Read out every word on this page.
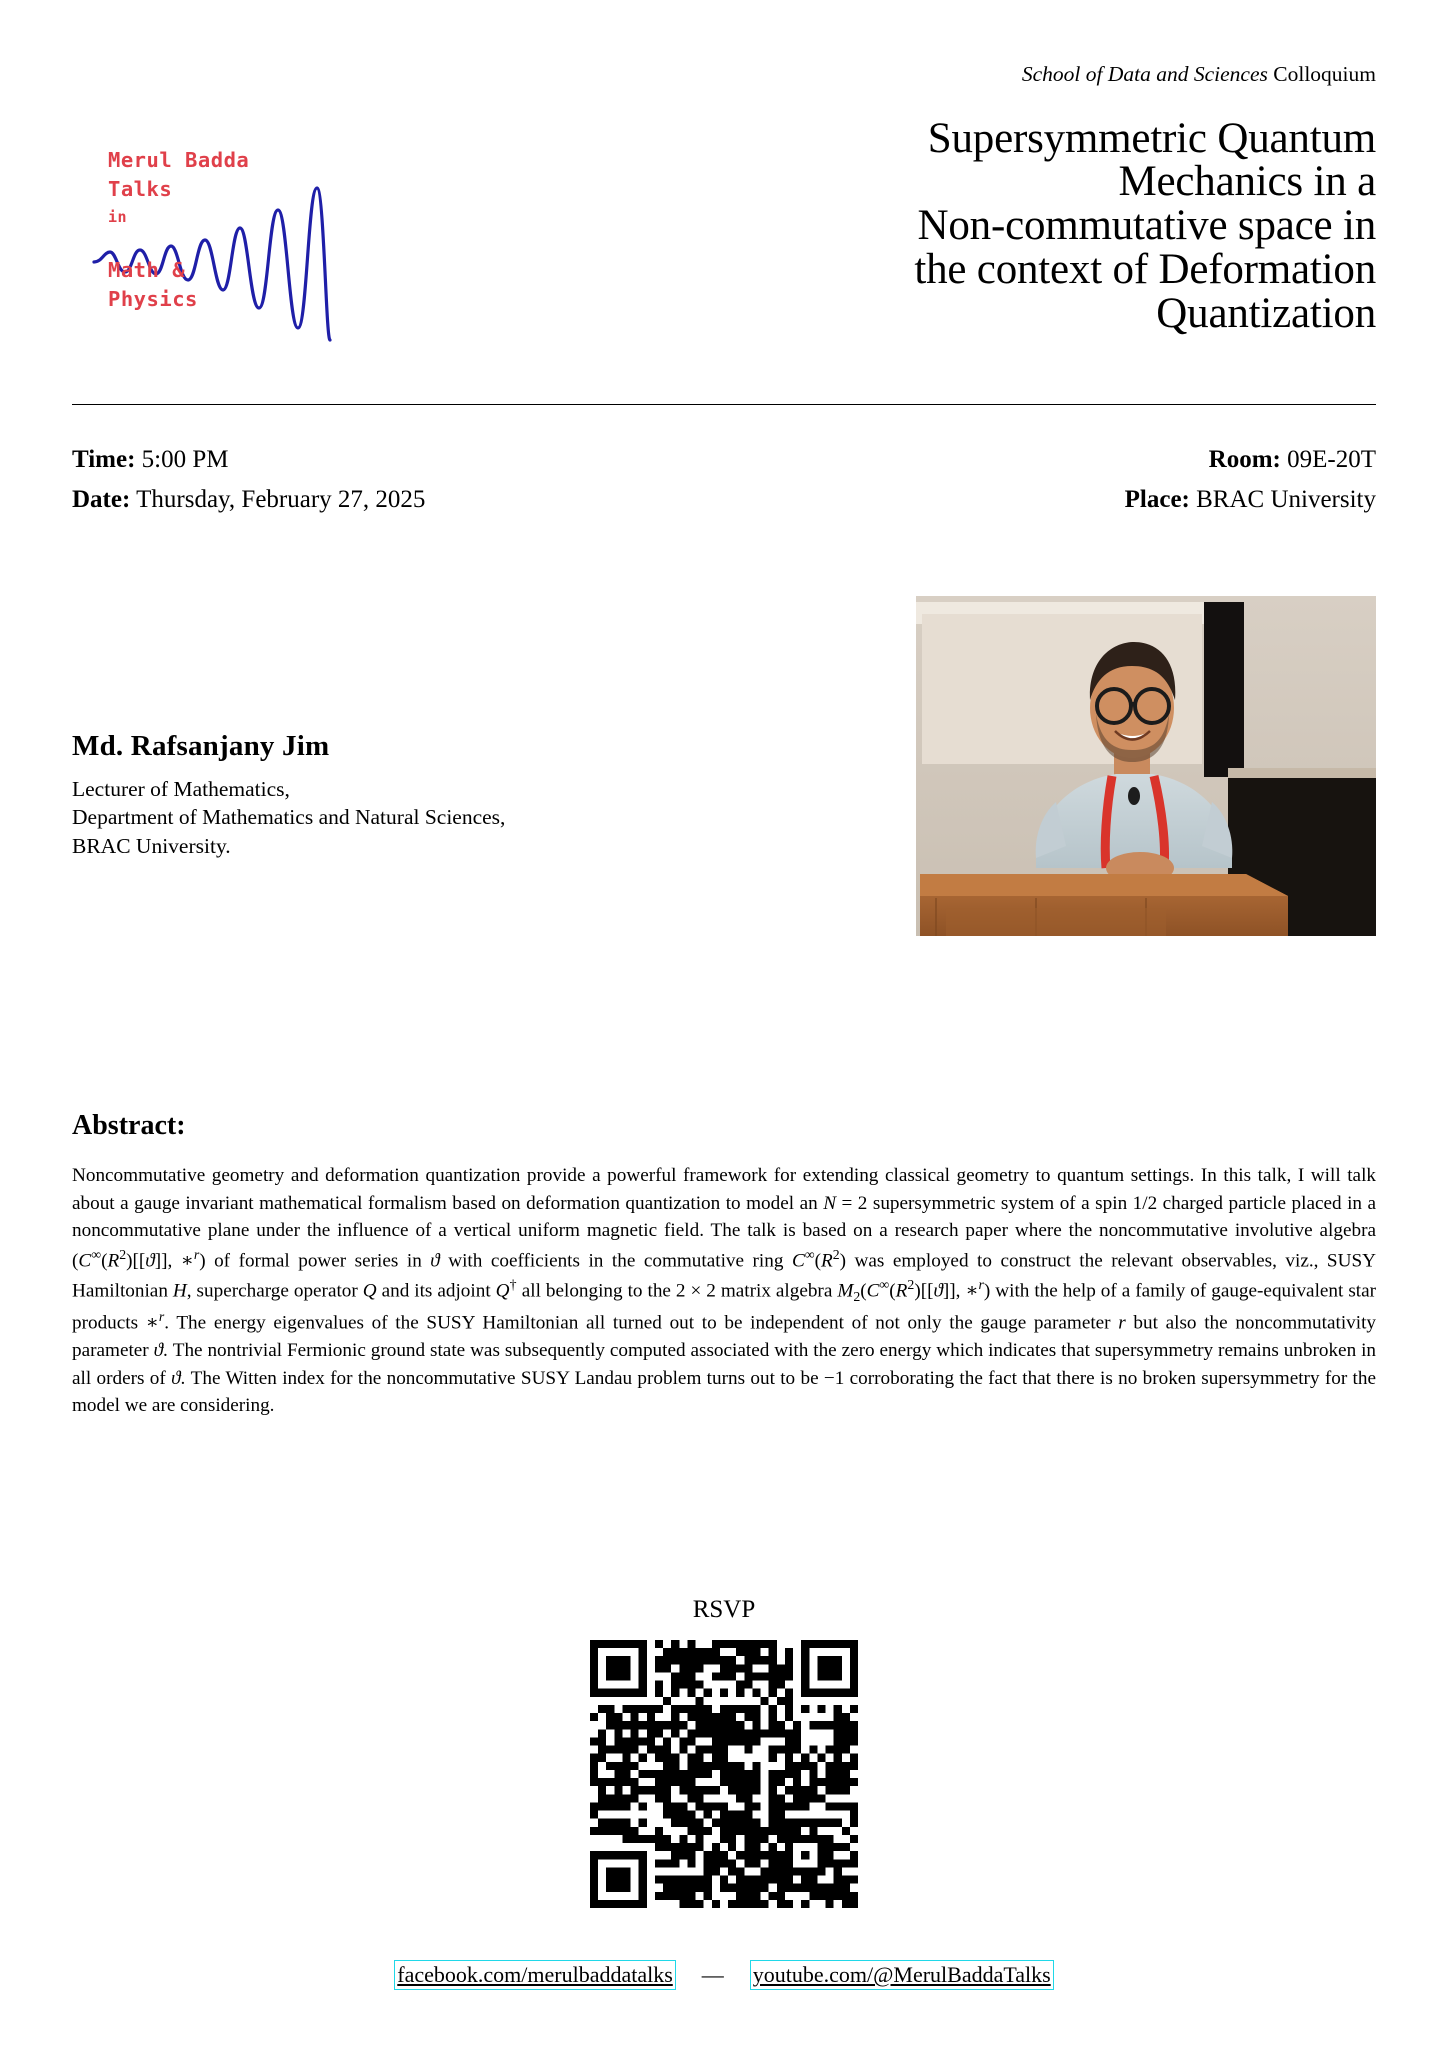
Merul Badda
Talks
in
Math &
Physics
School of Data and Sciences Colloquium
Supersymmetric Quantum
Mechanics in a
Non-commutative space in
the context of Deformation
Quantization
Time: 5:00 PM	Room: 09E-20T
Date: Thursday, February 27, 2025	Place: BRAC University
Md. Rafsanjany Jim
Lecturer of Mathematics,
Department of Mathematics and Natural Sciences,
BRAC University.
Abstract:
Noncommutative geometry and deformation quantization provide a powerful framework for extending classical geometry to quantum settings. In this talk, I will talk about a gauge invariant mathematical formalism based on deformation quantization to model an N = 2 supersymmetric system of a spin 1/2 charged particle placed in a noncommutative plane under the influence of a vertical uniform magnetic field. The talk is based on a research paper where the noncommutative involutive algebra ($C^\infty(R^2)[[ϑ]]$, ∗$^r$) of formal power series in ϑ with coefficients in the commutative ring $C^\infty(R^2)$ was employed to construct the relevant observables, viz., SUSY Hamiltonian H, supercharge operator Q and its adjoint Q† all belonging to the 2 × 2 matrix algebra $M_2(C^\infty(R^2)[[ϑ]]$, ∗$^r$) with the help of a family of gauge-equivalent star products ∗$^r$. The energy eigenvalues of the SUSY Hamiltonian all turned out to be independent of not only the gauge parameter r but also the noncommutativity parameter ϑ. The nontrivial Fermionic ground state was subsequently computed associated with the zero energy which indicates that supersymmetry remains unbroken in all orders of ϑ. The Witten index for the noncommutative SUSY Landau problem turns out to be −1 corroborating the fact that there is no broken supersymmetry for the model we are considering.
RSVP
facebook.com/merulbaddatalks — youtube.com/@MerulBaddaTalks
